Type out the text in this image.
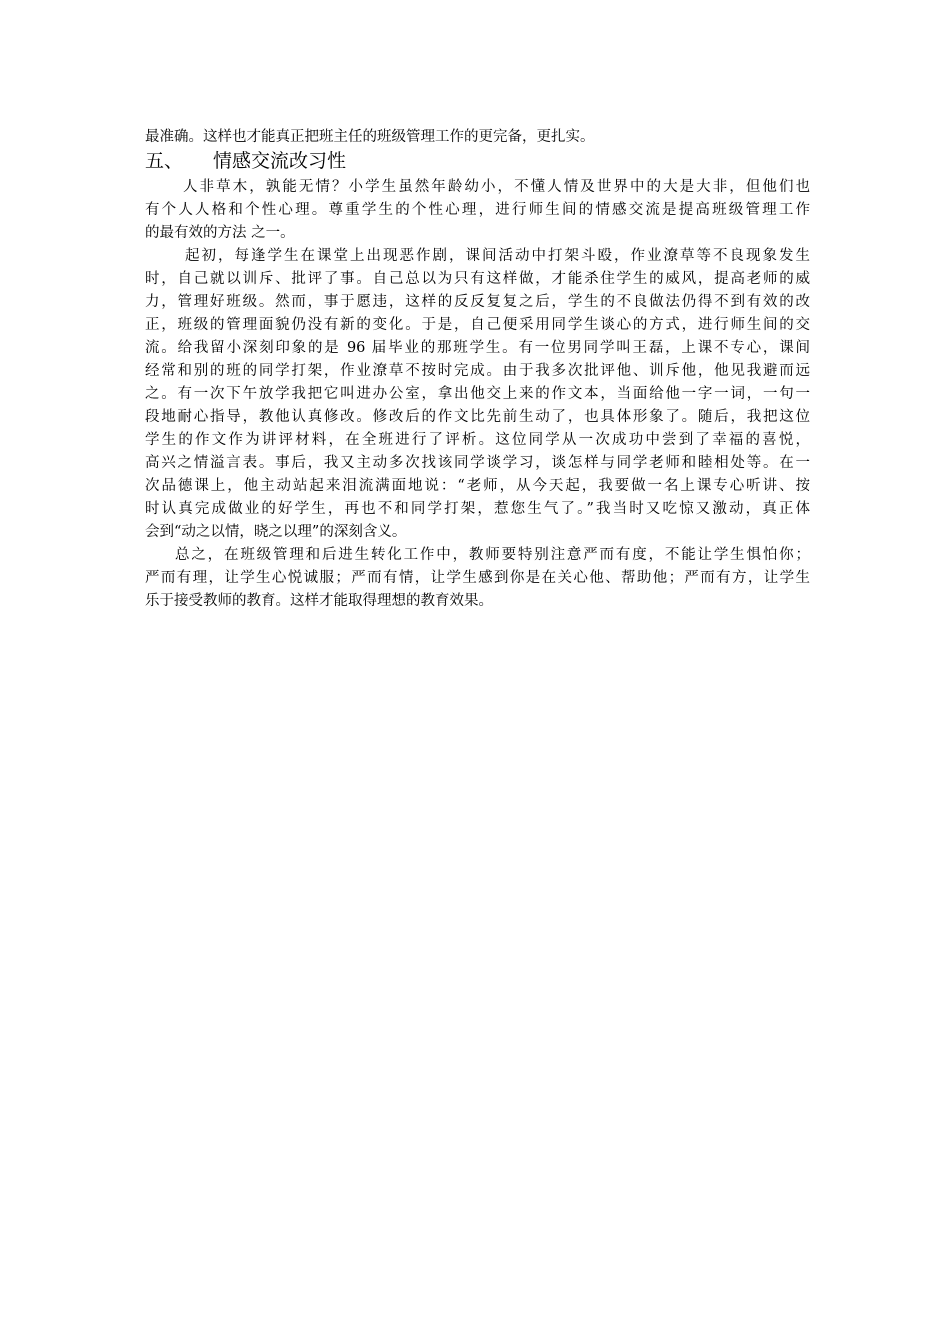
最准确。这样也才能真正把班主任的班级管理工作的更完备，更扎实。
五、 情感交流改习性
人非草木，孰能无情？小学生虽然年龄幼小，不懂人情及世界中的大是大非，但他们也
有个人人格和个性心理。尊重学生的个性心理，进行师生间的情感交流是提高班级管理工作
的最有效的方法 之一。
起初，每逢学生在课堂上出现恶作剧，课间活动中打架斗殴，作业潦草等不良现象发生
时，自己就以训斥、批评了事。自己总以为只有这样做，才能杀住学生的威风，提高老师的威
力，管理好班级。然而，事于愿违，这样的反反复复之后，学生的不良做法仍得不到有效的改
正，班级的管理面貌仍没有新的变化。于是，自己便采用同学生谈心的方式，进行师生间的交
流。给我留小深刻印象的是 96 届毕业的那班学生。有一位男同学叫王磊，上课不专心，课间
经常和别的班的同学打架，作业潦草不按时完成。由于我多次批评他、训斥他，他见我避而远
之。有一次下午放学我把它叫进办公室，拿出他交上来的作文本，当面给他一字一词，一句一
段地耐心指导，教他认真修改。修改后的作文比先前生动了，也具体形象了。随后，我把这位
学生的作文作为讲评材料，在全班进行了评析。这位同学从一次成功中尝到了幸福的喜悦，
高兴之情溢言表。事后，我又主动多次找该同学谈学习，谈怎样与同学老师和睦相处等。在一
次品德课上，他主动站起来泪流满面地说：“老师，从今天起，我要做一名上课专心听讲、按
时认真完成做业的好学生，再也不和同学打架，惹您生气了。”我当时又吃惊又激动，真正体
会到“动之以情，晓之以理”的深刻含义。
总之，在班级管理和后进生转化工作中，教师要特别注意严而有度，不能让学生惧怕你；
严而有理，让学生心悦诚服；严而有情，让学生感到你是在关心他、帮助他；严而有方，让学生
乐于接受教师的教育。这样才能取得理想的教育效果。
